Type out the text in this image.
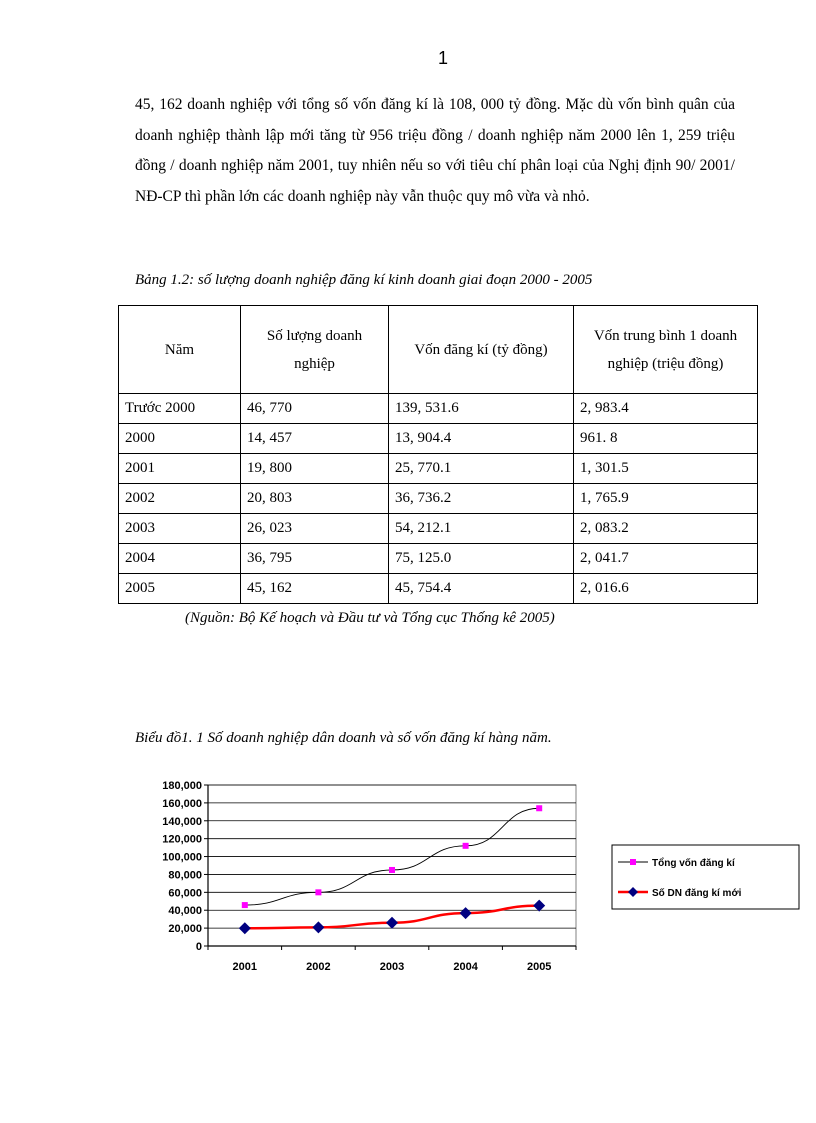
1

45, 162 doanh nghiệp với tổng số vốn đăng kí là 108, 000 tỷ đồng. Mặc dù vốn bình quân của doanh nghiệp thành lập mới tăng từ 956 triệu đồng / doanh nghiệp năm 2000 lên 1, 259 triệu đồng / doanh nghiệp năm 2001, tuy nhiên nếu so với tiêu chí phân loại của Nghị định 90/ 2001/ NĐ-CP thì phần lớn các doanh nghiệp này vẫn thuộc quy mô vừa và nhỏ.

Bảng 1.2: số lượng doanh nghiệp đăng kí kinh doanh giai đoạn 2000 - 2005
Năm	Số lượng doanh nghiệp	Vốn đăng kí (tỷ đồng)	Vốn trung bình 1 doanh nghiệp (triệu đồng)
Trước 2000	46, 770	139, 531.6	2, 983.4
2000	14, 457	13, 904.4	961. 8
2001	19, 800	25, 770.1	1, 301.5
2002	20, 803	36, 736.2	1, 765.9
2003	26, 023	54, 212.1	2, 083.2
2004	36, 795	75, 125.0	2, 041.7
2005	45, 162	45, 754.4	2, 016.6
(Nguồn: Bộ Kế hoạch và Đầu tư và Tổng cục Thống kê 2005)
Biểu đồ1. 1 Số doanh nghiệp dân doanh và số vốn đăng kí hàng năm.
0
20,000
40,000
60,000
80,000
100,000
120,000
140,000
160,000
180,000
2001	2002	2003	2004	2005
Tổng vốn đăng kí
Số DN đăng kí mới
